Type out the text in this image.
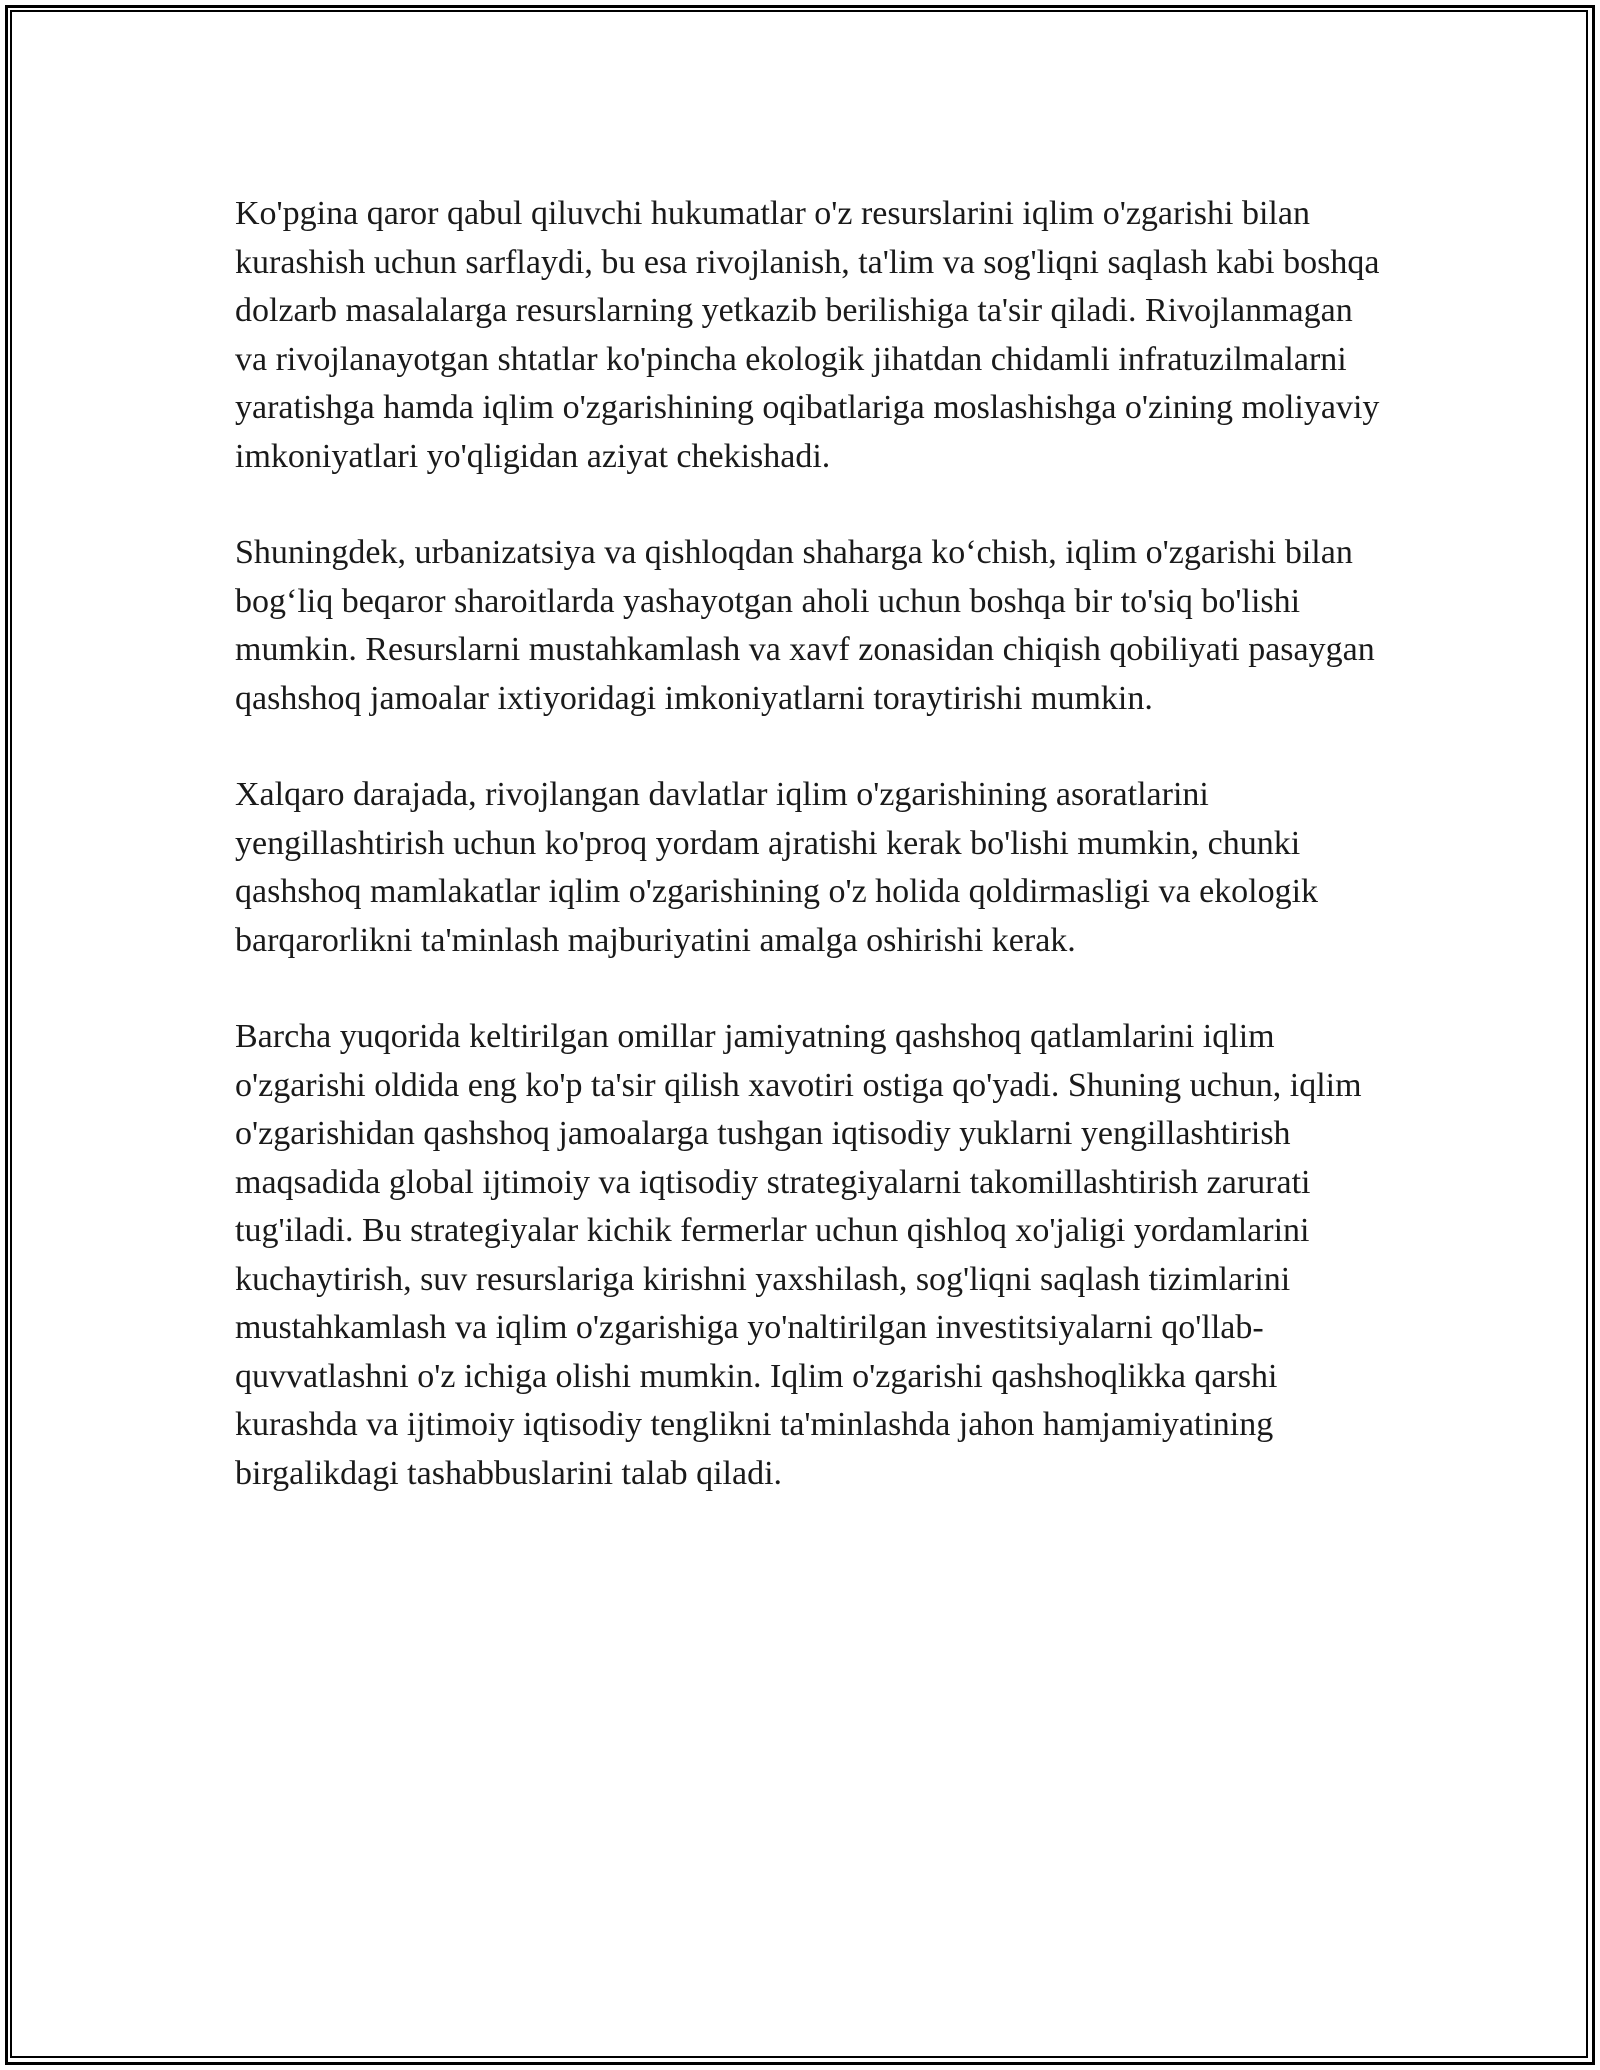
Ko'pgina qaror qabul qiluvchi hukumatlar o'z resurslarini iqlim o'zgarishi bilan kurashish uchun sarflaydi, bu esa rivojlanish, ta'lim va sog'liqni saqlash kabi boshqa dolzarb masalalarga resurslarning yetkazib berilishiga ta'sir qiladi. Rivojlanmagan va rivojlanayotgan shtatlar ko'pincha ekologik jihatdan chidamli infratuzilmalarni yaratishga hamda iqlim o'zgarishining oqibatlariga moslashishga o'zining moliyaviy imkoniyatlari yo'qligidan aziyat chekishadi.

Shuningdek, urbanizatsiya va qishloqdan shaharga ko‘chish, iqlim o'zgarishi bilan bog‘liq beqaror sharoitlarda yashayotgan aholi uchun boshqa bir to'siq bo'lishi mumkin. Resurslarni mustahkamlash va xavf zonasidan chiqish qobiliyati pasaygan qashshoq jamoalar ixtiyoridagi imkoniyatlarni toraytirishi mumkin.

Xalqaro darajada, rivojlangan davlatlar iqlim o'zgarishining asoratlarini yengillashtirish uchun ko'proq yordam ajratishi kerak bo'lishi mumkin, chunki qashshoq mamlakatlar iqlim o'zgarishining o'z holida qoldirmasligi va ekologik barqarorlikni ta'minlash majburiyatini amalga oshirishi kerak.

Barcha yuqorida keltirilgan omillar jamiyatning qashshoq qatlamlarini iqlim o'zgarishi oldida eng ko'p ta'sir qilish xavotiri ostiga qo'yadi. Shuning uchun, iqlim o'zgarishidan qashshoq jamoalarga tushgan iqtisodiy yuklarni yengillashtirish maqsadida global ijtimoiy va iqtisodiy strategiyalarni takomillashtirish zarurati tug'iladi. Bu strategiyalar kichik fermerlar uchun qishloq xo'jaligi yordamlarini kuchaytirish, suv resurslariga kirishni yaxshilash, sog'liqni saqlash tizimlarini mustahkamlash va iqlim o'zgarishiga yo'naltirilgan investitsiyalarni qo'llab-quvvatlashni o'z ichiga olishi mumkin. Iqlim o'zgarishi qashshoqlikka qarshi kurashda va ijtimoiy iqtisodiy tenglikni ta'minlashda jahon hamjamiyatining birgalikdagi tashabbuslarini talab qiladi.
